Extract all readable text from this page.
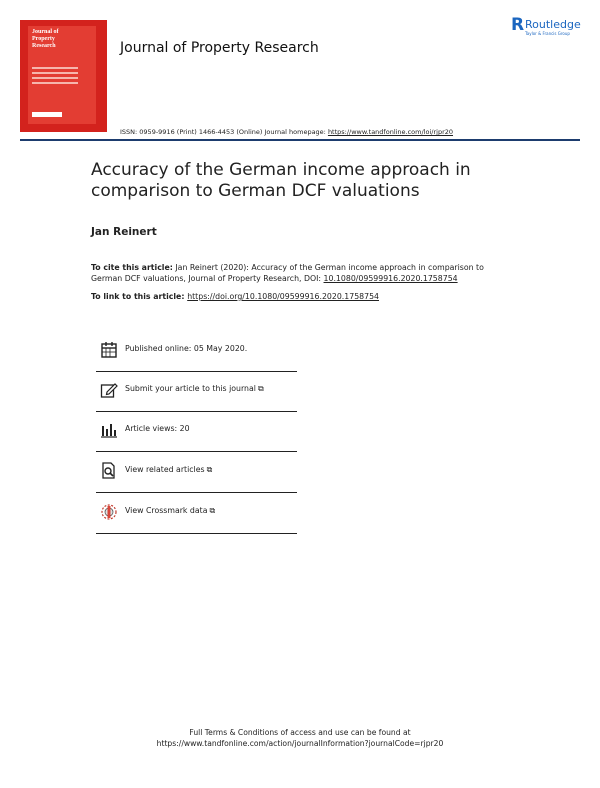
Journal of
Property
Research	Journal of Property Research
R Routledge
Taylor & Francis Group
ISSN: 0959-9916 (Print) 1466-4453 (Online) Journal homepage: https://www.tandfonline.com/loi/rjpr20
Accuracy of the German income approach in comparison to German DCF valuations
Jan Reinert
To cite this article: Jan Reinert (2020): Accuracy of the German income approach in comparison to German DCF valuations, Journal of Property Research, DOI: 10.1080/09599916.2020.1758754
To link to this article: https://doi.org/10.1080/09599916.2020.1758754
Published online: 05 May 2020.
Submit your article to this journal ⧉
Article views: 20
View related articles ⧉
View Crossmark data ⧉
Full Terms & Conditions of access and use can be found at
https://www.tandfonline.com/action/journalInformation?journalCode=rjpr20
